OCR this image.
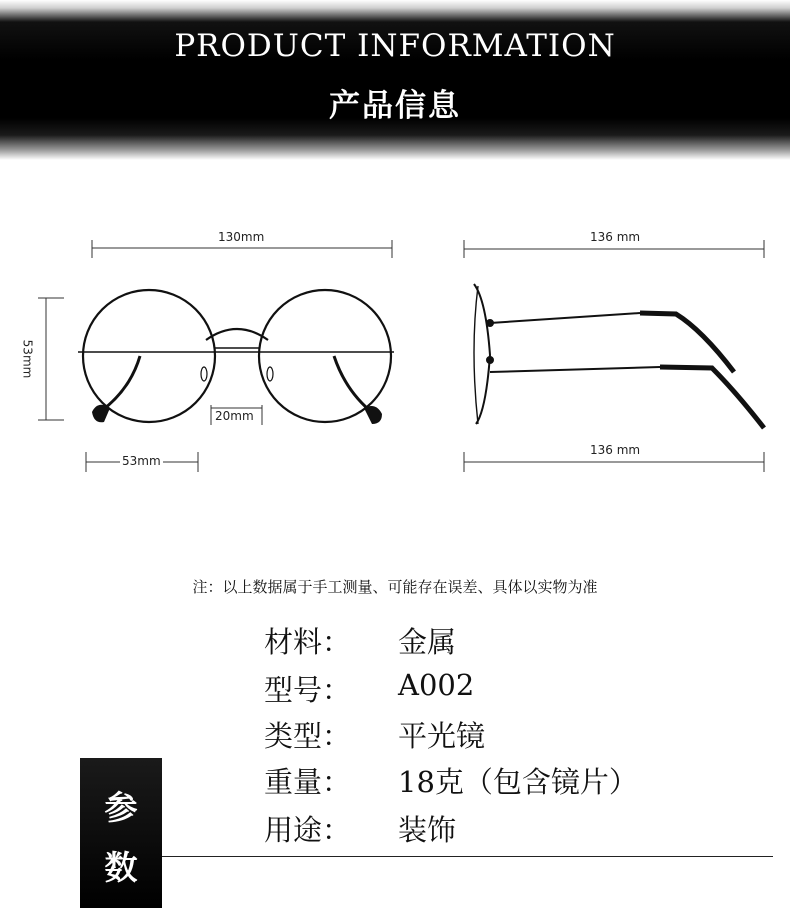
PRODUCT INFORMATION
产品信息
130mm
53mm
20mm
53mm
136 mm
136 mm
注：以上数据属于手工测量、可能存在误差、具体以实物为准
材料： 金属
型号： A002
类型： 平光镜
重量： 18克（包含镜片）
用途： 装饰
参
数
